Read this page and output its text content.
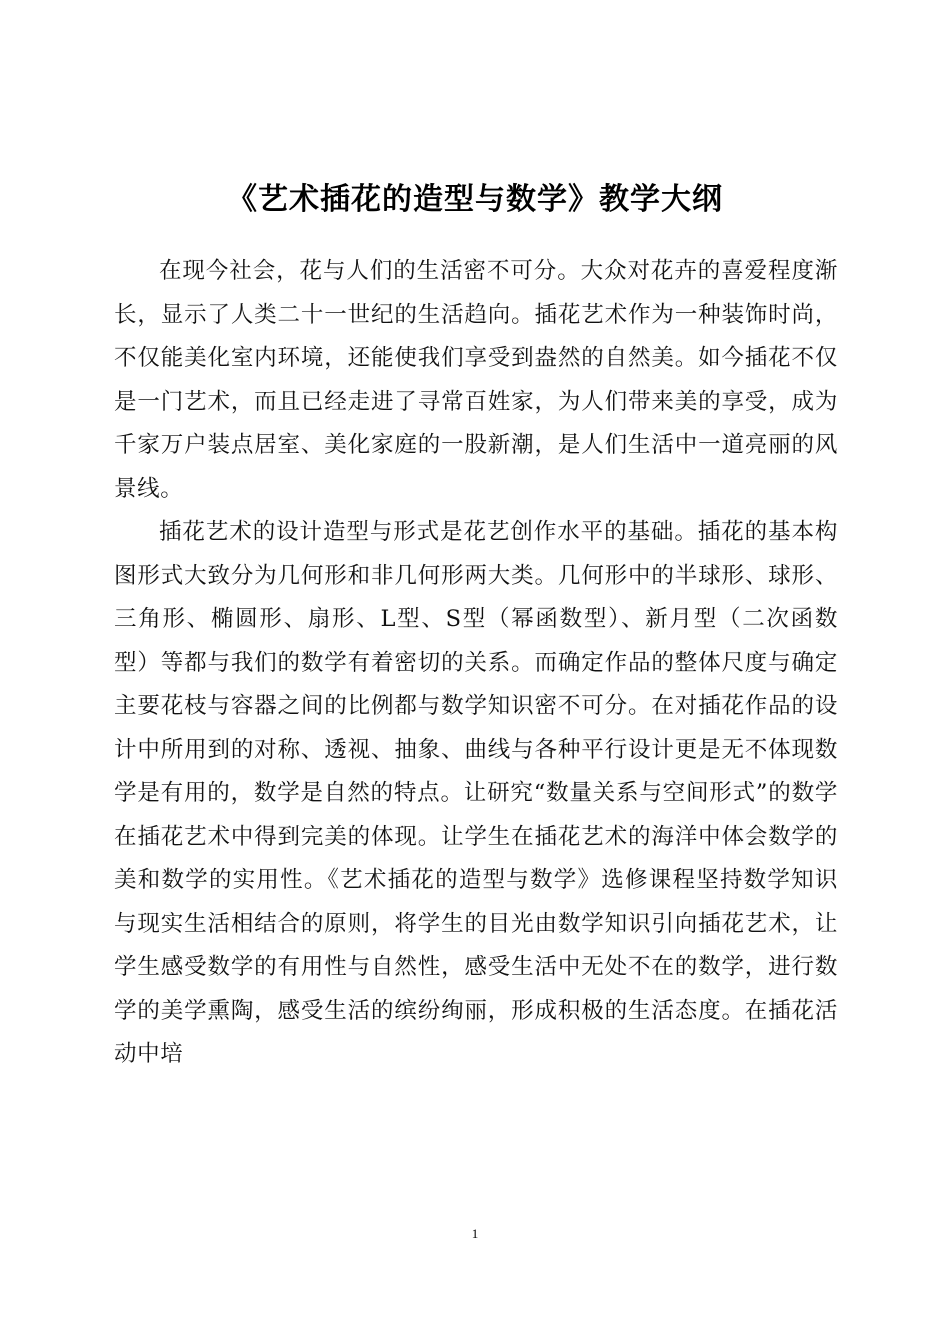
《艺术插花的造型与数学》教学大纲

在现今社会，花与人们的生活密不可分。大众对花卉的喜爱程度渐长，显示了人类二十一世纪的生活趋向。插花艺术作为一种装饰时尚，不仅能美化室内环境，还能使我们享受到盎然的自然美。如今插花不仅是一门艺术，而且已经走进了寻常百姓家，为人们带来美的享受，成为千家万户装点居室、美化家庭的一股新潮，是人们生活中一道亮丽的风景线。

插花艺术的设计造型与形式是花艺创作水平的基础。插花的基本构图形式大致分为几何形和非几何形两大类。几何形中的半球形、球形、三角形、椭圆形、扇形、L型、S型（幂函数型）、新月型（二次函数型）等都与我们的数学有着密切的关系。而确定作品的整体尺度与确定主要花枝与容器之间的比例都与数学知识密不可分。在对插花作品的设计中所用到的对称、透视、抽象、曲线与各种平行设计更是无不体现数学是有用的，数学是自然的特点。让研究“数量关系与空间形式”的数学在插花艺术中得到完美的体现。让学生在插花艺术的海洋中体会数学的美和数学的实用性。《艺术插花的造型与数学》选修课程坚持数学知识与现实生活相结合的原则，将学生的目光由数学知识引向插花艺术，让学生感受数学的有用性与自然性，感受生活中无处不在的数学，进行数学的美学熏陶，感受生活的缤纷绚丽，形成积极的生活态度。在插花活动中培

1
